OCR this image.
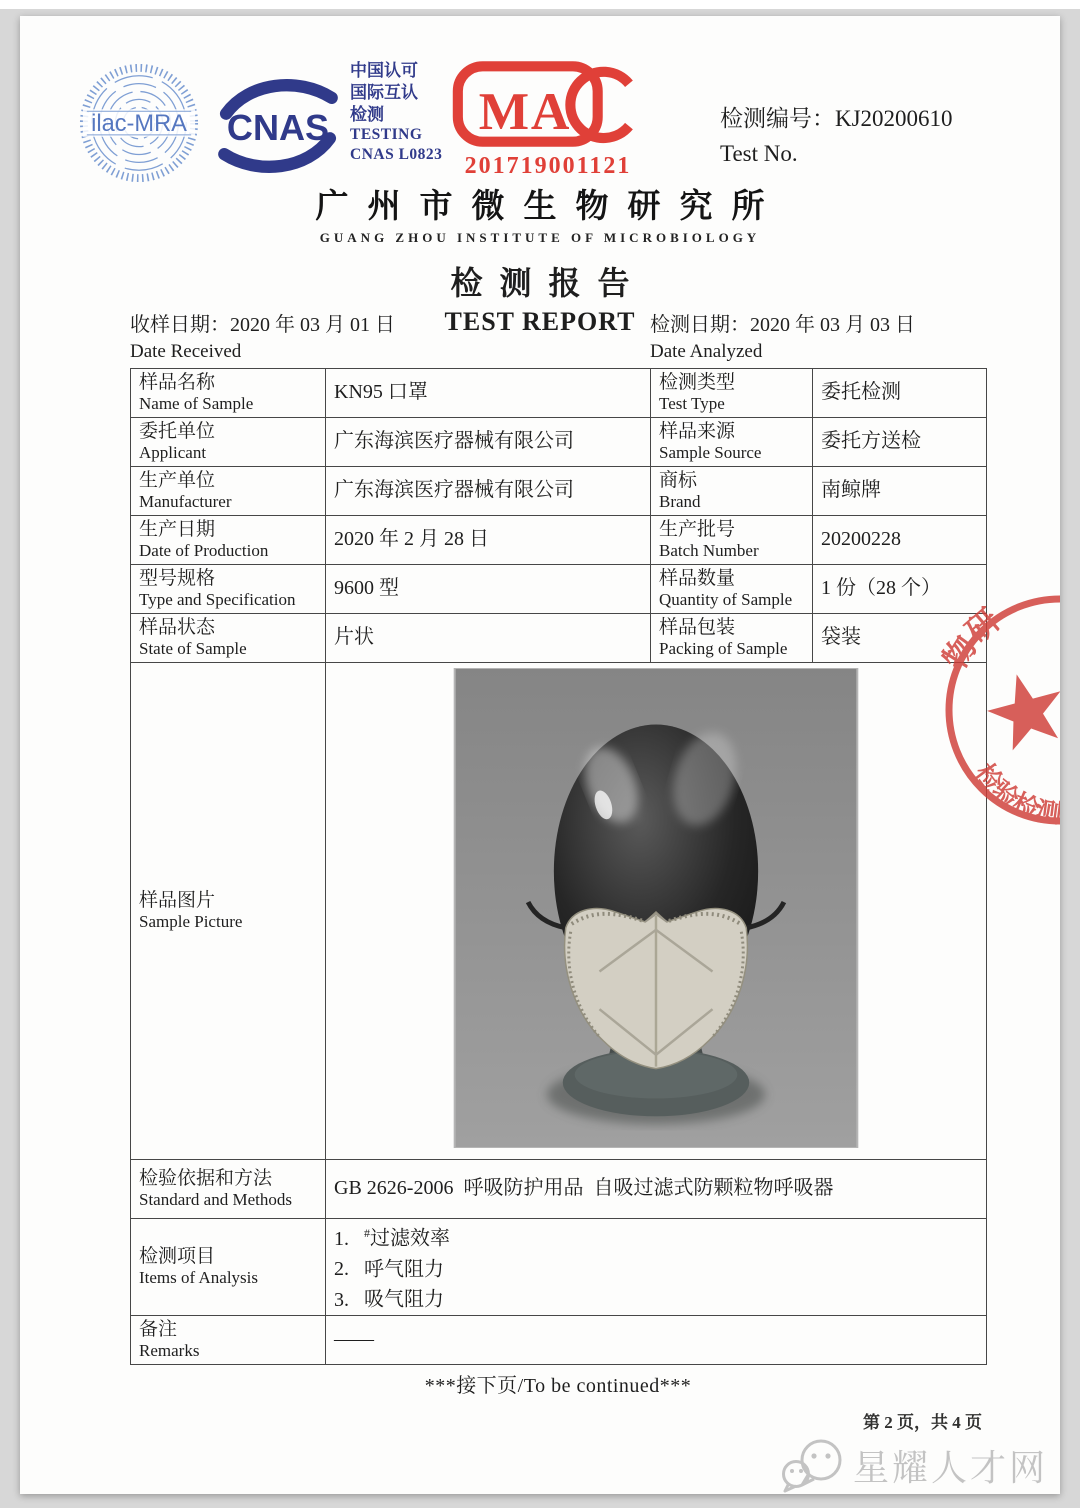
ilac-MRA CNAS
中国认可
国际互认
检测
TESTING
CNAS L0823
MA
201719001121
检测编号：KJ20200610
Test No.
广州市微生物研究所
GUANG ZHOU INSTITUTE OF MICROBIOLOGY
检测报告
TEST REPORT
收样日期：2020 年 03 月 01 日
Date Received
检测日期：2020 年 03 月 03 日
Date Analyzed
样品名称
Name of Sample
	KN95 口罩	检测类型
Test Type
	委托检测

委托单位
Applicant
	广东海滨医疗器械有限公司	样品来源
Sample Source
	委托方送检

生产单位
Manufacturer
	广东海滨医疗器械有限公司	商标
Brand
	南鲸牌

生产日期
Date of Production
	2020 年 2 月 28 日	生产批号
Batch Number
	20200228

型号规格
Type and Specification
	9600 型	样品数量
Quantity of Sample
	1 份（28 个）

样品状态
State of Sample
	片状	样品包装
Packing of Sample
	袋装

样品图片
Sample Picture

检验依据和方法
Standard and Methods	GB 2626-2006  呼吸防护用品  自吸过滤式防颗粒物呼吸器		

检测项目
Items of Analysis

1. #过滤效率
2. 呼气阻力
3. 吸气阻力

备注
Remarks	——		
***接下页/To be continued***
物研
检验检测
第 2 页，共 4 页
星耀人才网
